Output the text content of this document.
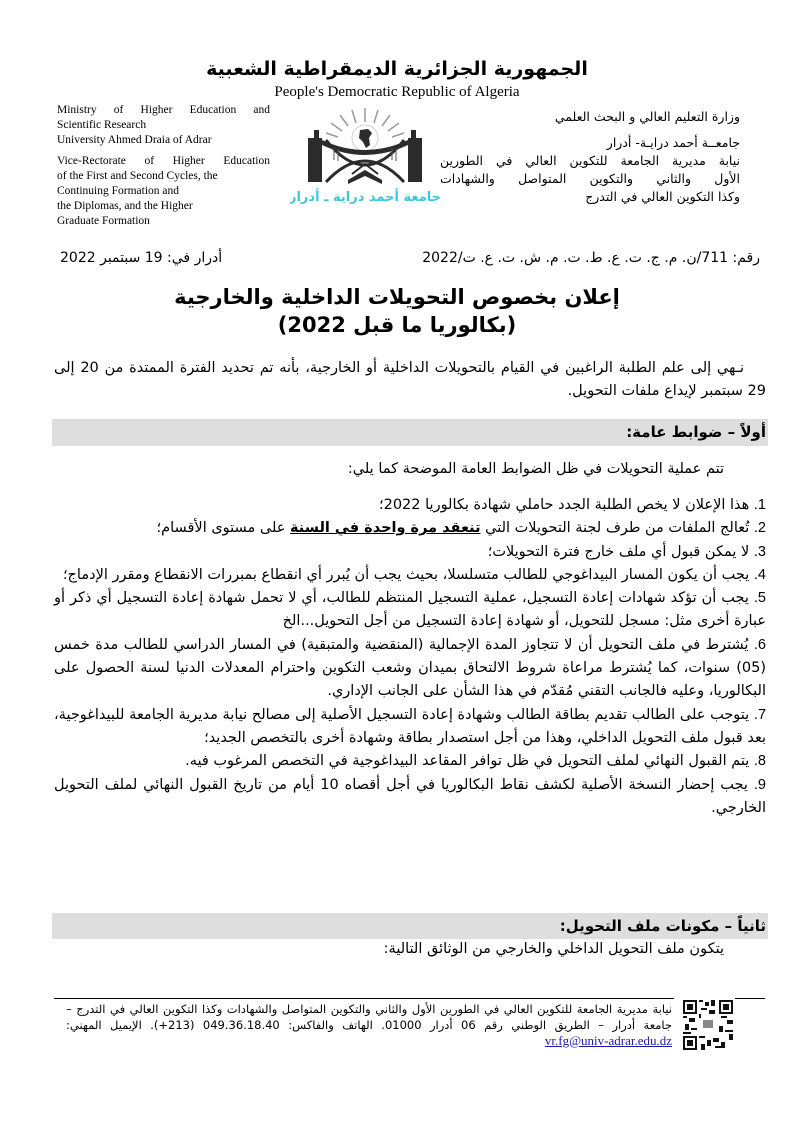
الجمهورية الجزائرية الديمقراطية الشعبية
People's Democratic Republic of Algeria
Ministry of Higher Education and
Scientific Research
University Ahmed Draia of Adrar
Vice-Rectorate of Higher Education
of the First and Second Cycles, the
Continuing Formation and
the Diplomas, and the Higher
Graduate Formation
جامعة أحمد دراية ـ أدرار
وزارة التعليم العالي و البحث العلمي
جامعــة أحمد درايـة- أدرار
نيابة مديرية الجامعة للتكوين العالي في الطورين
الأول والثاني والتكوين المتواصل والشهادات
وكذا التكوين العالي في التدرج
رقم: 711/ن. م. ج. ت. ع. ط. ت. م. ش. ت. ع. ت/2022
أدرار في: 19 سبتمبر 2022
إعلان بخصوص التحويلات الداخلية والخارجية
(بكالوريا ما قبل 2022)
نـهي إلى علم الطلبة الراغبين في القيام بالتحويلات الداخلية أو الخارجية، بأنه تم تحديد الفترة الممتدة من 20 إلى 29 سبتمبر لإيداع ملفات التحويل.
أولاً – ضوابط عامة:
تتم عملية التحويلات في ظل الضوابط العامة الموضحة كما يلي:
1. هذا الإعلان لا يخص الطلبة الجدد حاملي شهادة بكالوريا 2022؛
2. تُعالج الملفات من طرف لجنة التحويلات التي تنعقد مرة واحدة في السنة على مستوى الأقسام؛
3. لا يمكن قبول أي ملف خارج فترة التحويلات؛
4. يجب أن يكون المسار البيداغوجي للطالب متسلسلا، بحيث يجب أن يُبرر أي انقطاع بمبررات الانقطاع ومقرر الإدماج؛
5. يجب أن تؤكد شهادات إعادة التسجيل، عملية التسجيل المنتظم للطالب، أي لا تحمل شهادة إعادة التسجيل أي ذكر أو عبارة أخرى مثل: مسجل للتحويل، أو شهادة إعادة التسجيل من أجل التحويل...الخ
6. يُشترط في ملف التحويل أن لا تتجاوز المدة الإجمالية (المنقضية والمتبقية) في المسار الدراسي للطالب مدة خمس (05) سنوات، كما يُشترط مراعاة شروط الالتحاق بميدان وشعب التكوين واحترام المعدلات الدنيا لسنة الحصول على البكالوريا، وعليه فالجانب التقني مُقدّم في هذا الشأن على الجانب الإداري.
7. يتوجب على الطالب تقديم بطاقة الطالب وشهادة إعادة التسجيل الأصلية إلى مصالح نيابة مديرية الجامعة للبيداغوجية، بعد قبول ملف التحويل الداخلي، وهذا من أجل استصدار بطاقة وشهادة أخرى بالتخصص الجديد؛
8. يتم القبول النهائي لملف التحويل في ظل توافر المقاعد البيداغوجية في التخصص المرغوب فيه.
9. يجب إحضار النسخة الأصلية لكشف نقاط البكالوريا في أجل أقصاه 10 أيام من تاريخ القبول النهائي لملف التحويل الخارجي.
ثانياً – مكونات ملف التحويل:
يتكون ملف التحويل الداخلي والخارجي من الوثائق التالية:
نيابة مديرية الجامعة للتكوين العالي في الطورين الأول والثاني والتكوين المتواصل والشهادات وكذا التكوين العالي في التدرج – جامعة أدرار – الطريق الوطني رقم 06 أدرار 01000. الهاتف والفاكس: 049.36.18.40 (213+). الإيميل المهني: vr.fg@univ-adrar.edu.dz
